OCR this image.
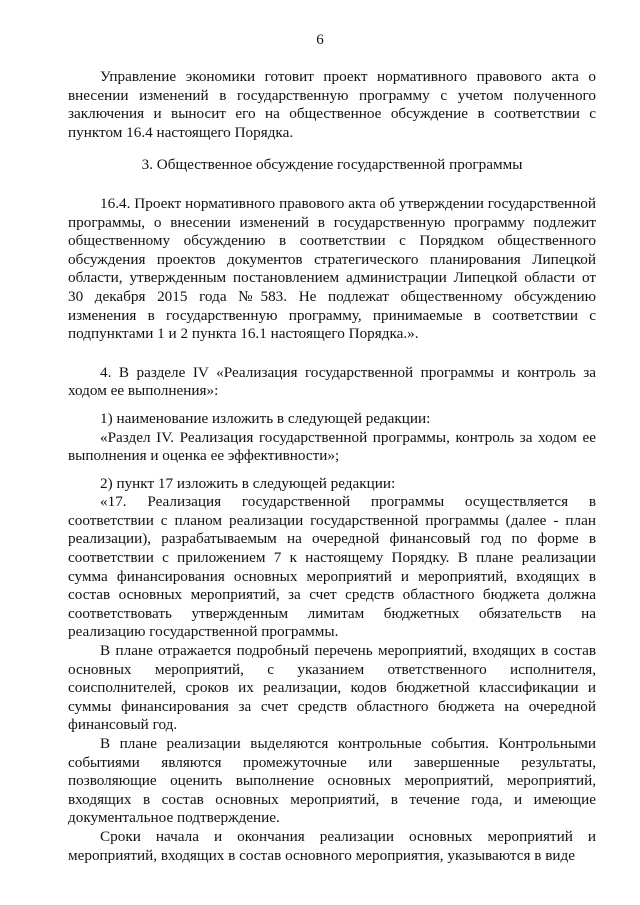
6

Управление экономики готовит проект нормативного правового акта о внесении изменений в государственную программу с учетом полученного заключения и выносит его на общественное обсуждение в соответствии с пунктом 16.4 настоящего Порядка.

3. Общественное обсуждение государственной программы

16.4. Проект нормативного правового акта об утверждении государственной программы, о внесении изменений в государственную программу подлежит общественному обсуждению в соответствии с Порядком общественного обсуждения проектов документов стратегического планирования Липецкой области, утвержденным постановлением администрации Липецкой области от 30 декабря 2015 года №583. Не подлежат общественному обсуждению изменения в государственную программу, принимаемые в соответствии с подпунктами 1 и 2 пункта 16.1 настоящего Порядка.».

4. В разделе IV «Реализация государственной программы и контроль за ходом ее выполнения»:

1) наименование изложить в следующей редакции:

«Раздел IV. Реализация государственной программы, контроль за ходом ее выполнения и оценка ее эффективности»;

2) пункт 17 изложить в следующей редакции:

«17. Реализация государственной программы осуществляется в соответствии с планом реализации государственной программы (далее - план реализации), разрабатываемым на очередной финансовый год по форме в соответствии с приложением 7 к настоящему Порядку. В плане реализации сумма финансирования основных мероприятий и мероприятий, входящих в состав основных мероприятий, за счет средств областного бюджета должна соответствовать утвержденным лимитам бюджетных обязательств на реализацию государственной программы.

В плане отражается подробный перечень мероприятий, входящих в состав основных мероприятий, с указанием ответственного исполнителя, соисполнителей, сроков их реализации, кодов бюджетной классификации и суммы финансирования за счет средств областного бюджета на очередной финансовый год.

В плане реализации выделяются контрольные события. Контрольными событиями являются промежуточные или завершенные результаты, позволяющие оценить выполнение основных мероприятий, мероприятий, входящих в состав основных мероприятий, в течение года, и имеющие документальное подтверждение.

Сроки начала и окончания реализации основных мероприятий и мероприятий, входящих в состав основного мероприятия, указываются в виде
